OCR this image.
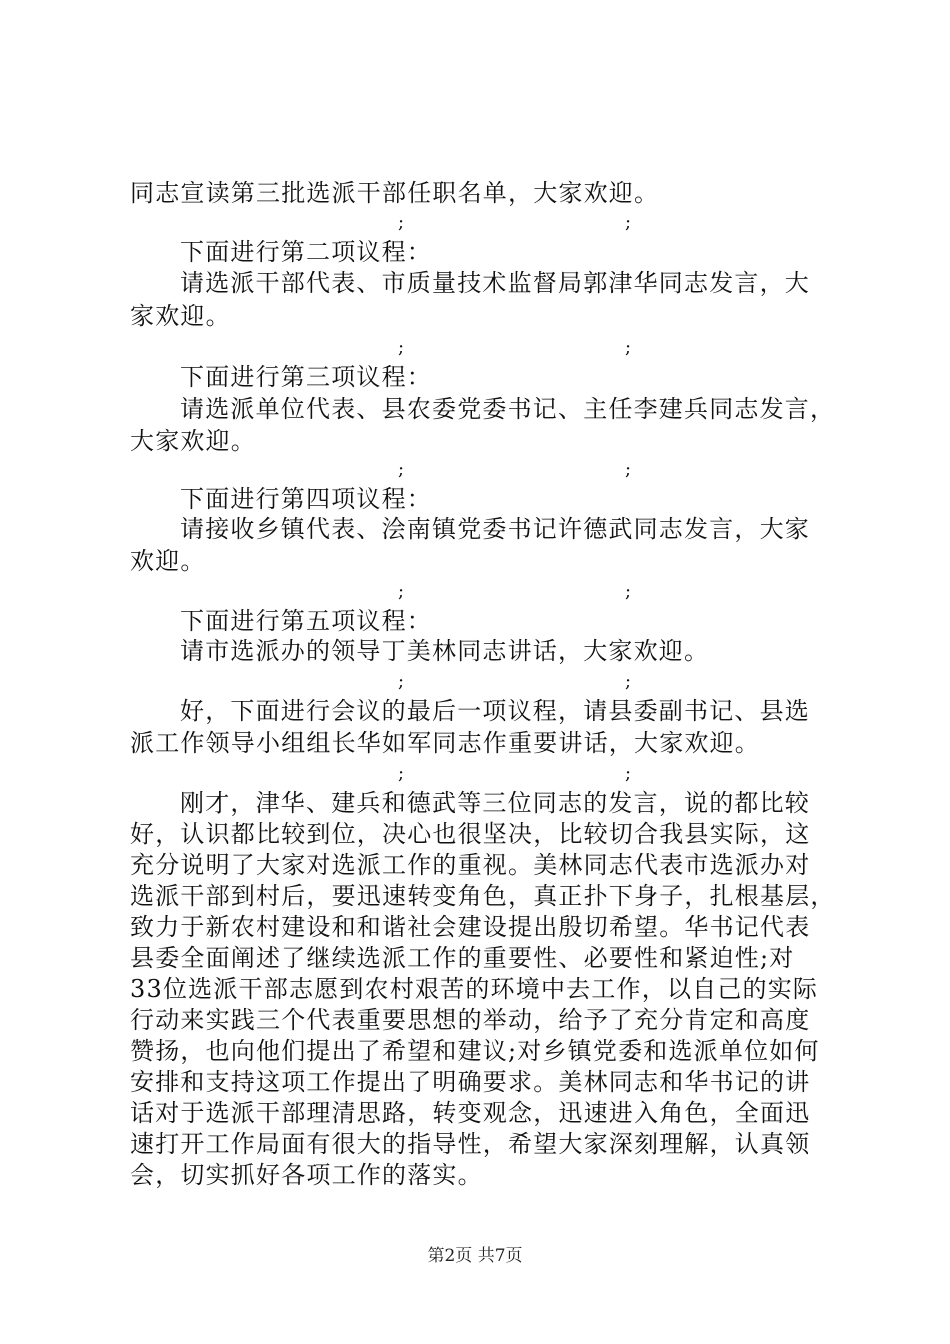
同志宣读第三批选派干部任职名单，大家欢迎。
;	;
下面进行第二项议程：
请选派干部代表、市质量技术监督局郭津华同志发言，大
家欢迎。
;	;
下面进行第三项议程：
请选派单位代表、县农委党委书记、主任李建兵同志发言，
大家欢迎。
;	;
下面进行第四项议程：
请接收乡镇代表、浍南镇党委书记许德武同志发言，大家
欢迎。
;	;
下面进行第五项议程：
请市选派办的领导丁美林同志讲话，大家欢迎。
;	;
好，下面进行会议的最后一项议程，请县委副书记、县选
派工作领导小组组长华如军同志作重要讲话，大家欢迎。
;	;
刚才，津华、建兵和德武等三位同志的发言，说的都比较
好，认识都比较到位，决心也很坚决，比较切合我县实际，这
充分说明了大家对选派工作的重视。美林同志代表市选派办对
选派干部到村后，要迅速转变角色，真正扑下身子，扎根基层，
致力于新农村建设和和谐社会建设提出殷切希望。华书记代表
县委全面阐述了继续选派工作的重要性、必要性和紧迫性;对
33位选派干部志愿到农村艰苦的环境中去工作，以自己的实际
行动来实践三个代表重要思想的举动，给予了充分肯定和高度
赞扬，也向他们提出了希望和建议;对乡镇党委和选派单位如何
安排和支持这项工作提出了明确要求。美林同志和华书记的讲
话对于选派干部理清思路，转变观念，迅速进入角色，全面迅
速打开工作局面有很大的指导性，希望大家深刻理解，认真领
会，切实抓好各项工作的落实。
第2页 共7页
